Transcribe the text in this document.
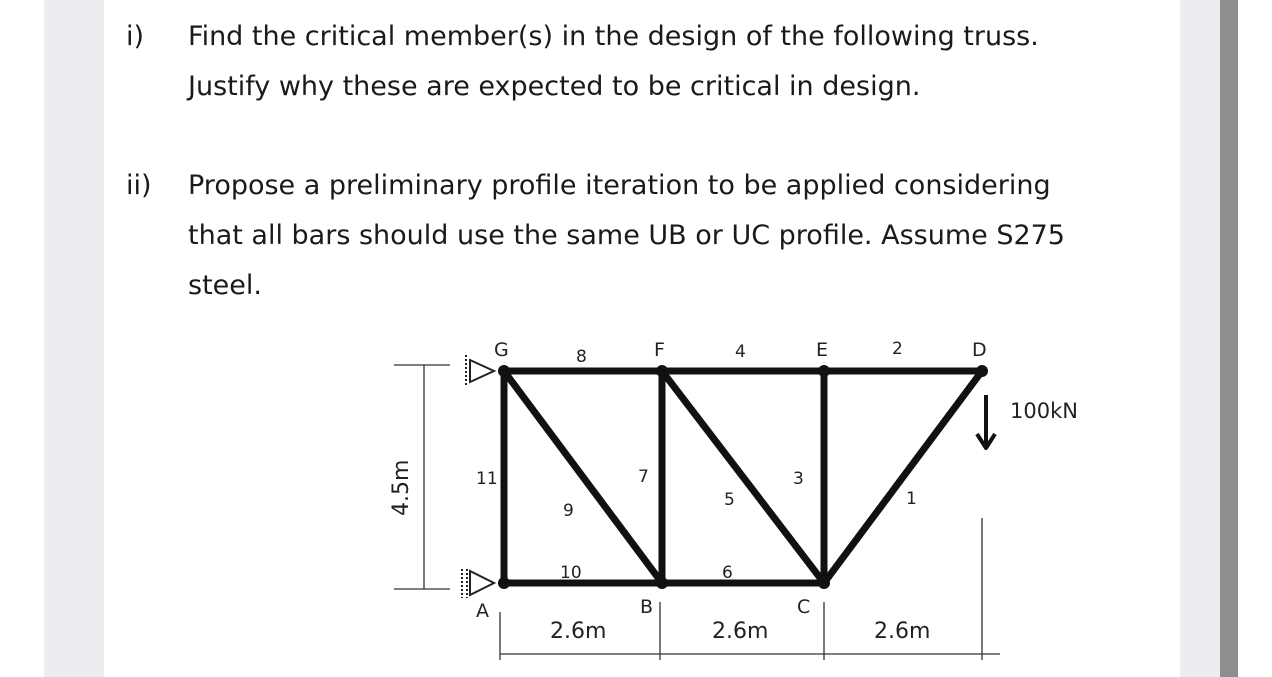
i) Find the critical member(s) in the design of the following truss.
Justify why these are expected to be critical in design.
ii) Propose a preliminary profile iteration to be applied considering
that all bars should use the same UB or UC profile. Assume S275
steel.
100kN
4.5m
2.6m	2.6m	2.6m
G	F	E	D
A	B	C
8	4	2
11	7	3
9
5	1
10	6
